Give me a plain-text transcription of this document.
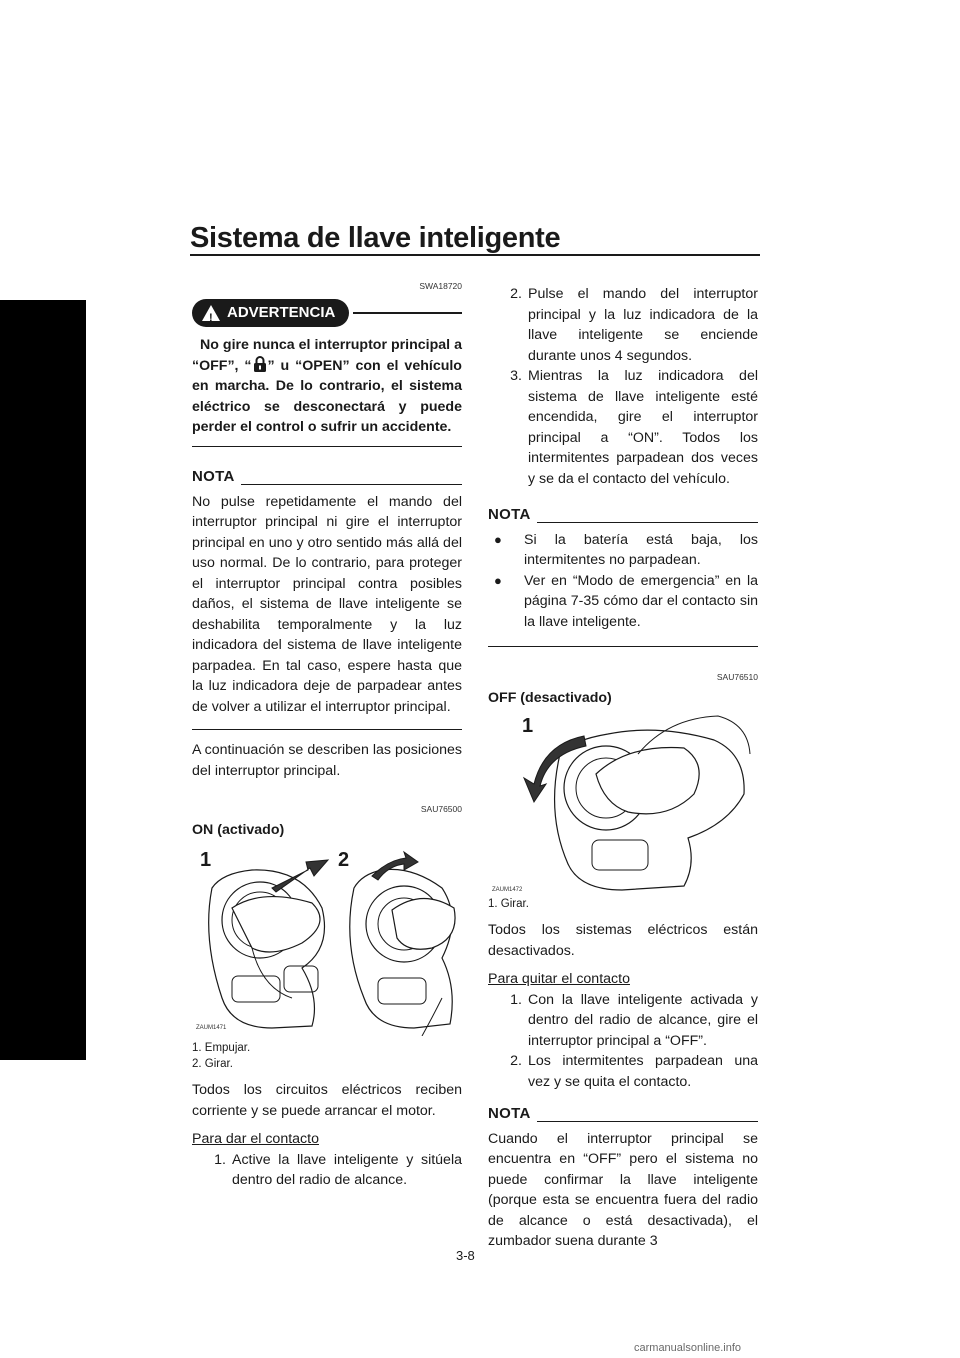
Sistema de llave inteligente
3
SWA18720
! ADVERTENCIA

No gire nunca el interruptor principal a “OFF”, “ ” u “OPEN” con el vehículo en marcha. De lo contrario, el sistema eléctrico se desconectará y puede perder el control o sufrir un accidente.

NOTA

No pulse repetidamente el mando del interruptor principal ni gire el interruptor principal en uno y otro sentido más allá del uso normal. De lo contrario, para proteger el interruptor principal contra posibles daños, el sistema de llave inteligente se deshabilita temporalmente y la luz indicadora del sistema de llave inteligente parpadea. En tal caso, espere hasta que la luz indicadora deje de parpadear antes de volver a utilizar el interruptor principal.

A continuación se describen las posiciones del interruptor principal.

SAU76500

ON (activado)

1	2
ZAUM1471
1. Empujar.
2. Girar.

Todos los circuitos eléctricos reciben corriente y se puede arrancar el motor.

Para dar el contacto

1. Active la llave inteligente y sitúela dentro del radio de alcance.
2. Pulse el mando del interruptor principal y la luz indicadora de la llave inteligente se enciende durante unos 4 segundos.
3. Mientras la luz indicadora del sistema de llave inteligente esté encendida, gire el interruptor principal a “ON”. Todos los intermitentes parpadean dos veces y se da el contacto del vehículo.
NOTA
●	Si la batería está baja, los intermitentes no parpadean.
●	Ver en “Modo de emergencia” en la página 7-35 cómo dar el contacto sin la llave inteligente.
SAU76510

OFF (desactivado)

1
ZAUM1472
1. Girar.

Todos los sistemas eléctricos están desactivados.

Para quitar el contacto

1. Con la llave inteligente activada y dentro del radio de alcance, gire el interruptor principal a “OFF”.
2. Los intermitentes parpadean una vez y se quita el contacto.
NOTA

Cuando el interruptor principal se encuentra en “OFF” pero el sistema no puede confirmar la llave inteligente (porque esta se encuentra fuera del radio de alcance o está desactivada), el zumbador suena durante 3

3-8
carmanualsonline.info
